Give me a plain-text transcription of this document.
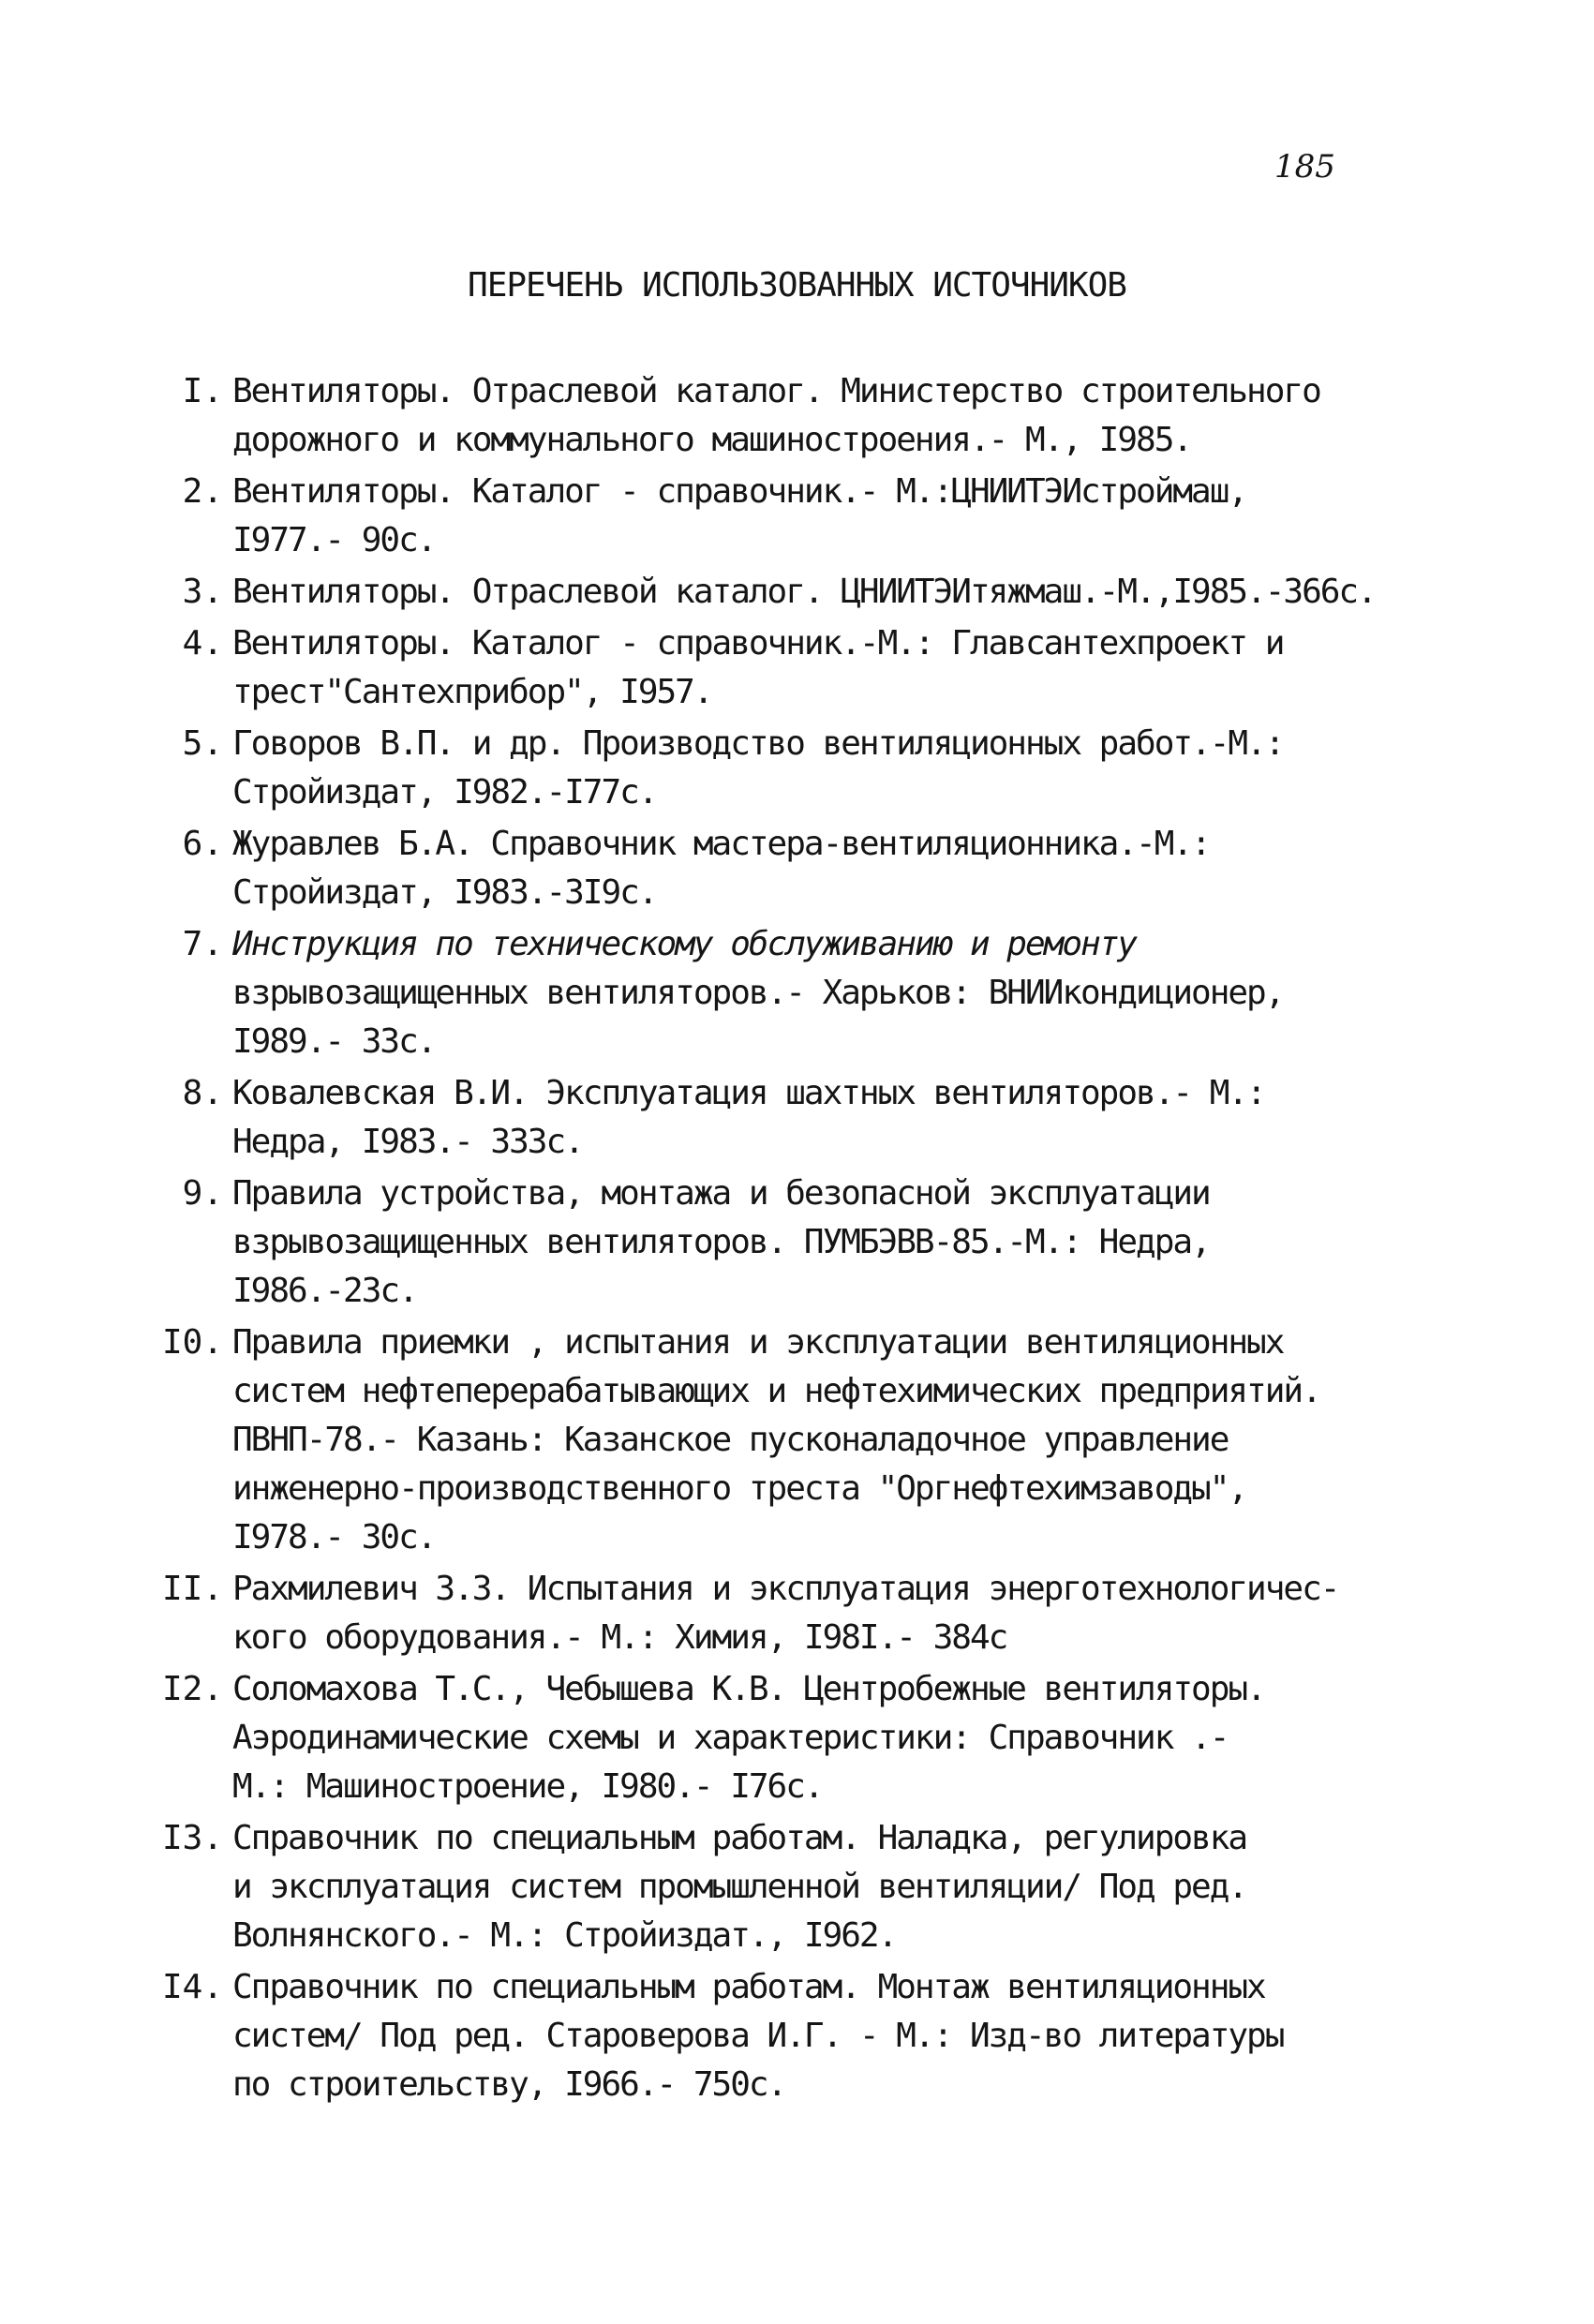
185
ПЕРЕЧЕНЬ ИСПОЛЬЗОВАННЫХ ИСТОЧНИКОВ
I. Вентиляторы. Отраслевой каталог. Министерство строительного
дорожного и коммунального машиностроения.- М., I985.
2. Вентиляторы. Каталог - справочник.- М.:ЦНИИТЭИстроймаш,
I977.- 90с.
3. Вентиляторы. Отраслевой каталог. ЦНИИТЭИтяжмаш.-М.,I985.-366с.
4. Вентиляторы. Каталог - справочник.-М.: Главсантехпроект и
трест"Сантехприбор", I957.
5. Говоров В.П. и др. Производство вентиляционных работ.-М.:
Стройиздат, I982.-I77с.
6. Журавлев Б.А. Справочник мастера-вентиляционника.-М.:
Стройиздат, I983.-3I9с.
7. Инструкция по техническому обслуживанию и ремонту
взрывозащищенных вентиляторов.- Харьков: ВНИИкондиционер,
I989.- 33с.
8. Ковалевская В.И. Эксплуатация шахтных вентиляторов.- М.:
Недра, I983.- 333с.
9. Правила устройства, монтажа и безопасной эксплуатации
взрывозащищенных вентиляторов. ПУМБЭВВ-85.-М.: Недра,
I986.-23с.
I0. Правила приемки , испытания и эксплуатации вентиляционных
систем нефтеперерабатывающих и нефтехимических предприятий.
ПВНП-78.- Казань: Казанское пусконаладочное управление
инженерно-производственного треста "Оргнефтехимзаводы",
I978.- 30с.
II. Рахмилевич 3.3. Испытания и эксплуатация энерготехнологичес-
кого оборудования.- М.: Химия, I98I.- 384с
I2. Соломахова Т.С., Чебышева К.В. Центробежные вентиляторы.
Аэродинамические схемы и характеристики: Справочник .-
М.: Машиностроение, I980.- I76с.
I3. Справочник по специальным работам. Наладка, регулировка
и эксплуатация систем промышленной вентиляции/ Под ред.
Волнянского.- М.: Стройиздат., I962.
I4. Справочник по специальным работам. Монтаж вентиляционных
систем/ Под ред. Староверова И.Г. - М.: Изд-во литературы
по строительству, I966.- 750с.
